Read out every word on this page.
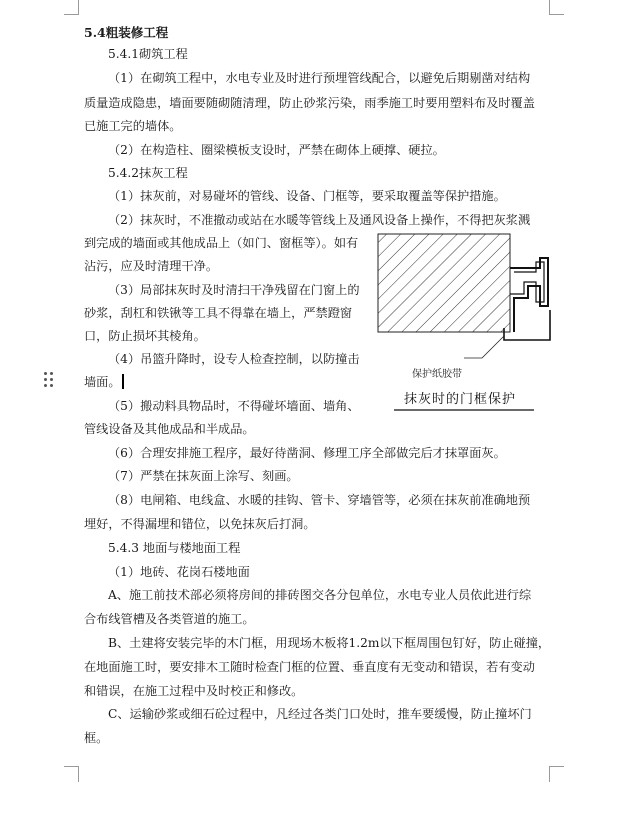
5.4粗装修工程
5.4.1砌筑工程
（1）在砌筑工程中，水电专业及时进行预埋管线配合，以避免后期剔凿对结构
质量造成隐患，墙面要随砌随清理，防止砂浆污染，雨季施工时要用塑料布及时覆盖
已施工完的墙体。
（2）在构造柱、圈梁模板支设时，严禁在砌体上硬撑、硬拉。
5.4.2抹灰工程
（1）抹灰前，对易碰坏的管线、设备、门框等，要采取覆盖等保护措施。
（2）抹灰时，不准撤动或站在水暖等管线上及通风设备上操作，不得把灰浆溅
到完成的墙面或其他成品上（如门、窗框等）。如有
沾污，应及时清理干净。
（3）局部抹灰时及时清扫干净残留在门窗上的
砂浆，刮杠和铁锹等工具不得靠在墙上，严禁蹬窗
口，防止损坏其棱角。
（4）吊篮升降时，设专人检查控制，以防撞击
墙面。
（5）搬动料具物品时，不得碰坏墙面、墙角、
管线设备及其他成品和半成品。
（6）合理安排施工程序，最好待凿洞、修理工序全部做完后才抹罩面灰。
（7）严禁在抹灰面上涂写、刻画。
（8）电闸箱、电线盒、水暖的挂钩、管卡、穿墙管等，必须在抹灰前准确地预
埋好，不得漏埋和错位，以免抹灰后打洞。
5.4.3 地面与楼地面工程
（1）地砖、花岗石楼地面
A、施工前技术部必须将房间的排砖图交各分包单位，水电专业人员依此进行综
合布线管槽及各类管道的施工。
B、土建将安装完毕的木门框，用现场木板将1.2m以下框周围包钉好，防止碰撞，
在地面施工时，要安排木工随时检查门框的位置、垂直度有无变动和错误，若有变动
和错误，在施工过程中及时校正和修改。
C、运输砂浆或细石砼过程中，凡经过各类门口处时，推车要缓慢，防止撞坏门
框。
保护纸胶带
抹灰时的门框保护
